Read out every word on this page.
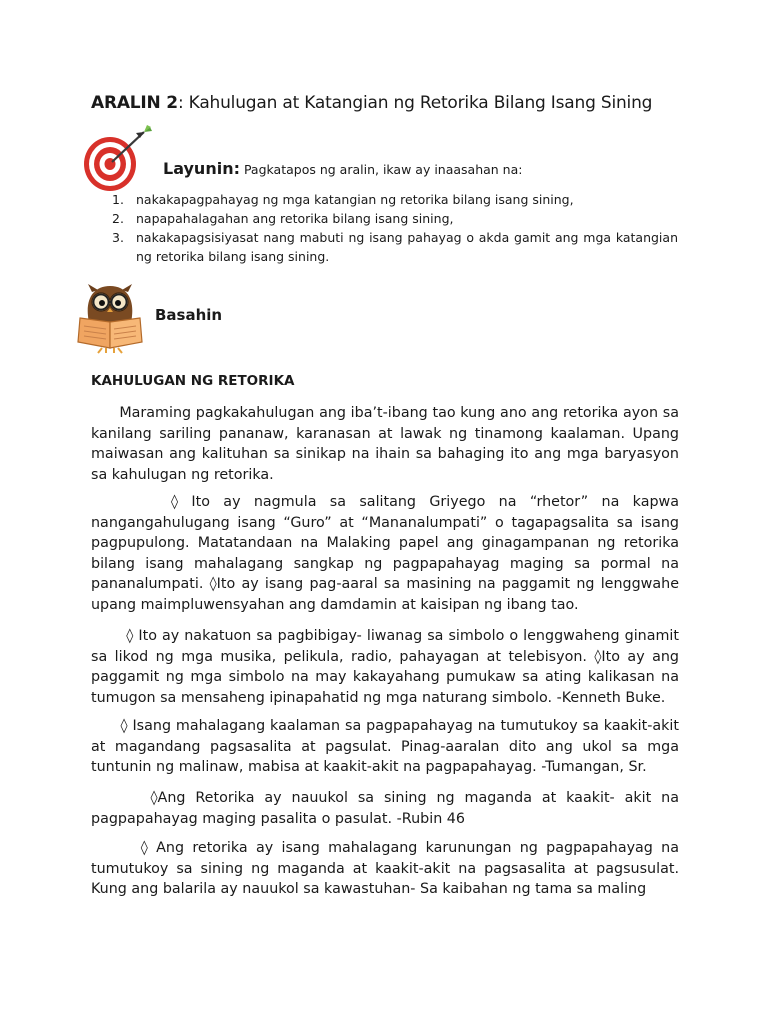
ARALIN 2: Kahulugan at Katangian ng Retorika Bilang Isang Sining
Layunin: Pagkatapos ng aralin, ikaw ay inaasahan na:
1. nakakapagpahayag ng mga katangian ng retorika bilang isang sining,
2. napapahalagahan ang retorika bilang isang sining,
3. nakakapagsisiyasat nang mabuti ng isang pahayag o akda gamit ang mga katangian ng retorika bilang isang sining.
Basahin
KAHULUGAN NG RETORIKA

Maraming pagkakahulugan ang iba’t-ibang tao kung ano ang retorika ayon sa kanilang sariling pananaw, karanasan at lawak ng tinamong kaalaman. Upang maiwasan ang kalituhan sa sinikap na ihain sa bahaging ito ang mga baryasyon sa kahulugan ng retorika.

◊ Ito ay nagmula sa salitang Griyego na “rhetor” na kapwa nangangahulugang isang “Guro” at “Mananalumpati” o tagapagsalita sa isang pagpupulong. Matatandaan na Malaking papel ang ginagampanan ng retorika bilang isang mahalagang sangkap ng pagpapahayag maging sa pormal na pananalumpati. ◊Ito ay isang pag-aaral sa masining na paggamit ng lenggwahe upang maimpluwensyahan ang damdamin at kaisipan ng ibang tao.

◊ Ito ay nakatuon sa pagbibigay- liwanag sa simbolo o lenggwaheng ginamit sa likod ng mga musika, pelikula, radio, pahayagan at telebisyon. ◊Ito ay ang paggamit ng mga simbolo na may kakayahang pumukaw sa ating kalikasan na tumugon sa mensaheng ipinapahatid ng mga naturang simbolo. -Kenneth Buke.

◊ Isang mahalagang kaalaman sa pagpapahayag na tumutukoy sa kaakit-akit at magandang pagsasalita at pagsulat. Pinag-aaralan dito ang ukol sa mga tuntunin ng malinaw, mabisa at kaakit-akit na pagpapahayag. -Tumangan, Sr.

◊Ang Retorika ay nauukol sa sining ng maganda at kaakit- akit na pagpapahayag maging pasalita o pasulat. -Rubin 46

◊ Ang retorika ay isang mahalagang karunungan ng pagpapahayag na tumutukoy sa sining ng maganda at kaakit-akit na pagsasalita at pagsusulat. Kung ang balarila ay nauukol sa kawastuhan- Sa kaibahan ng tama sa maling
